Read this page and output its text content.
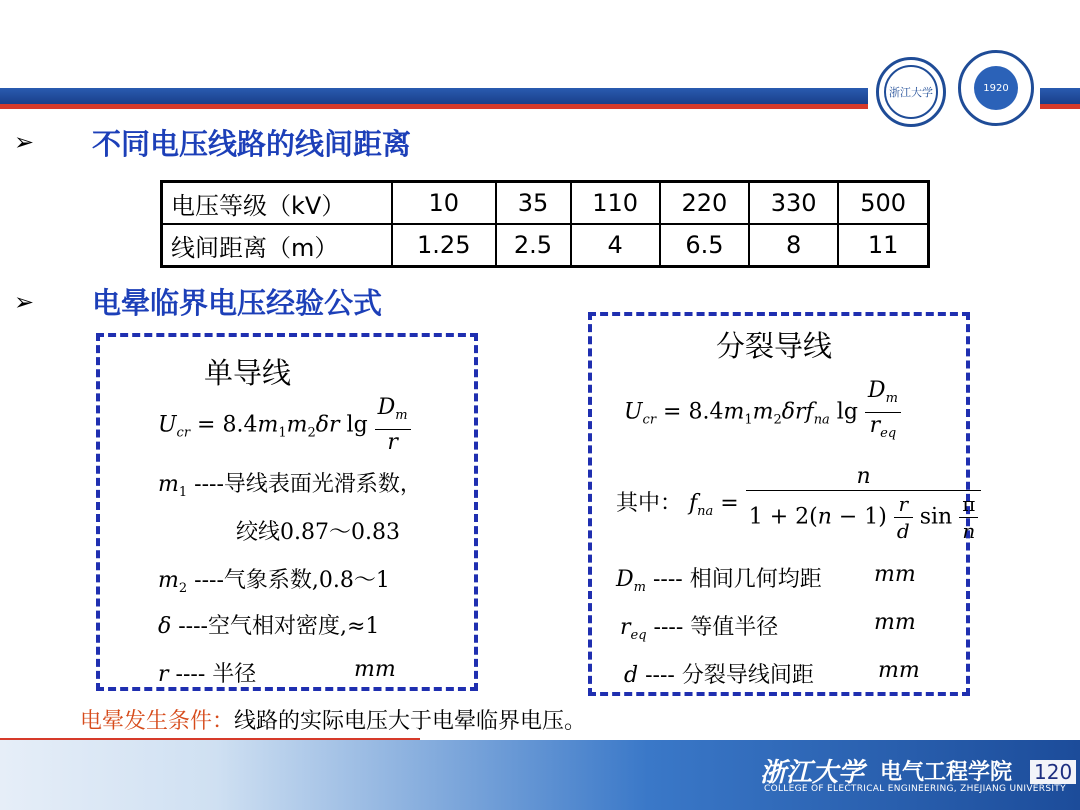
浙江大学	1920
➢ 不同电压线路的线间距离
电压等级（kV）	10	35	110	220	330	500
线间距离（m）	1.25	2.5	4	6.5	8	11
➢ 电晕临界电压经验公式
单导线
$U_{cr} = 8.4m_1m_2\delta r$ $\lg \frac{D_m}{r}$
$m_1$ ----导线表面光滑系数，
绞线0.87～0.83
$m_2$ ----气象系数,0.8～1
δ ----空气相对密度,≈1
r ---- 半径	mm
分裂导线
$U_{cr} = 8.4m_1m_2\delta rf_{na}$ $\lg \frac{D_m}{r_{eq}}$
其中： $f_{na} = \frac{n}{1 + 2(n - 1) \frac{r}{d} \sin \frac{\pi}{n}}$
$D_m$ ---- 相间几何均距 mm
$r_{eq}$ ---- 等值半径	mm
d ---- 分裂导线间距	mm
电晕发生条件：线路的实际电压大于电晕临界电压。
浙江大学 电气工程学院
COLLEGE OF ELECTRICAL ENGINEERING, ZHEJIANG UNIVERSITY
120
